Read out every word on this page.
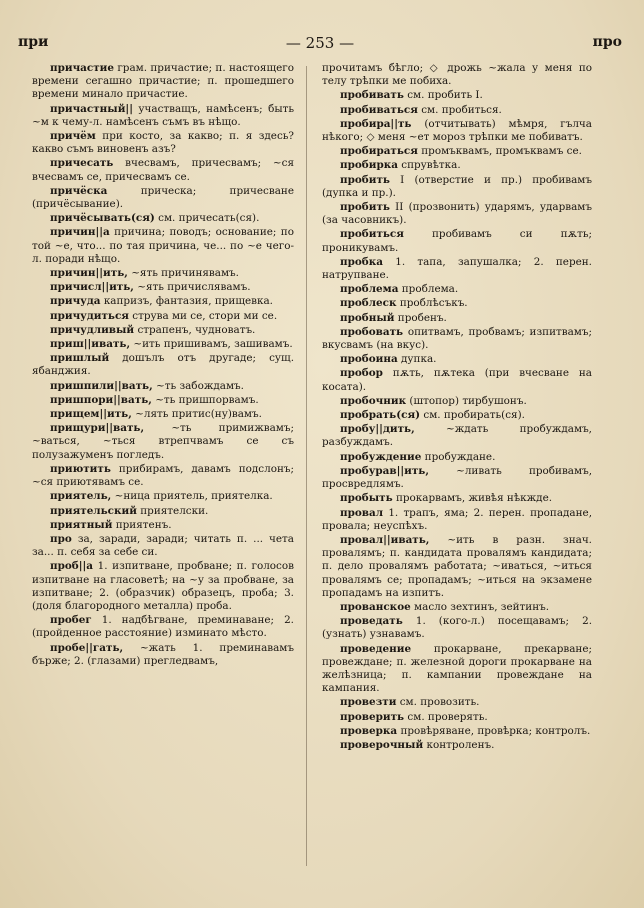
при	— 253 —	про
причастие грам. причастие; п. настоящего времени сегашно причастие; п. прошедшего времени минало причастие.
причастный|| участващъ, намѣсенъ; быть ~м к чему-л. намѣсенъ съмъ въ нѣщо.
причём при косто, за какво; п. я здесь? какво съмъ виновенъ азъ?
причесать вчесвамъ, причесвамъ; ~ся вчесвамъ се, причесвамъ се.
причёска	прическа; причесване (причёсывание).
причёсывать(ся) см. причесать(ся).
причин||а причина; поводъ; основание; по той ~е, что... по тая причина, че... по ~е чего-л. поради нѣщо.
причин||ить, ~ять причинявамъ.
причисл||ить, ~ять причислявамъ.
причуда капризъ, фантазия, прищевка.
причудиться струва ми се, стори ми се.
причудливый страпенъ, чудноватъ.
приш||ивать, ~ить пришивамъ, зашивамъ.
пришлый дошълъ отъ другаде; сущ. ябанджия.
пришпили||вать, ~ть забождамъ.
пришпори||вать, ~ть пришпорвамъ.
прищем||ить, ~лять притис(ну)вамъ.
прищури||вать,	~ть примижвамъ; ~ваться, ~ться втрепчвамъ се съ полузажуменъ погледъ.
приютить прибирамъ, давамъ подслонъ; ~ся приютявамъ се.
приятель, ~ница приятель, приятелка.
приятельский приятелски.
приятный приятенъ.
про за, заради, заради; читать п. ... чета за... п. себя за себе си.
проб||а 1. изпитване, пробване; п. голосов изпитване на гласоветѣ; на ~у за пробване, за изпитване; 2. (образчик) образецъ, проба; 3. (доля благородного металла) проба.
пробег 1. надбѣгване, преминаване; 2. (пройденное расстояние) изминато мѣсто.
пробе||гать, ~жать 1. преминавамъ бърже; 2. (глазами) прегледвамъ,
прочитамъ бѣгло; ◇ дрожь ~жала у меня по телу трѣпки ме побиха.
пробивать см. пробить I.
пробиваться см. пробиться.
пробира||ть (отчитывать) мѣмря, гълча нѣкого; ◇ меня ~ет мороз трѣпки ме побиватъ.
пробираться промъквамъ, промъквамъ се.
пробирка спрувѣтка.
пробить I (отверстие и пр.) пробивамъ (дупка и пр.).
пробить II (прозвонить) ударямъ, ударвамъ (за часовникъ).
пробиться	пробивамъ си пѫть; проникувамъ.
пробка 1. тапа, запушалка; 2. перен. натрупване.
проблема проблема.
проблеск проблѣсъкъ.
пробный пробенъ.
пробовать опитвамъ, пробвамъ; изпитвамъ; вкусвамъ (на вкус).
пробоина дупка.
пробор пѫть, пѫтека (при вчесване на косата).
пробочник (штопор) тирбушонъ.
пробрать(ся) см. пробирать(ся).
пробу||дить,	~ждать пробуждамъ, разбуждамъ.
пробуждение пробуждане.
пробурав||ить,	~ливать пробивамъ, просвредлямъ.
пробыть прокарвамъ, живѣя нѣкжде.
провал 1. трапъ, яма; 2. перен. пропадане, провала; неуспѣхъ.
провал||ивать, ~ить в разн. знач. провалямъ; п. кандидата провалямъ кандидата; п. дело провалямъ работата; ~иваться, ~иться провалямъ се; пропадамъ; ~иться на экзамене пропадамъ на изпитъ.
прованское масло зехтинъ, зейтинъ.
проведать 1. (кого-л.) посещавамъ; 2. (узнать) узнавамъ.
проведение прокарване, прекарване; провеждане; п. железной дороги прокарване на желѣзница; п. кампании провеждане на кампания.
провезти см. провозить.
проверить см. проверять.
проверка провѣряване, провѣрка; контролъ.
проверочный контроленъ.
